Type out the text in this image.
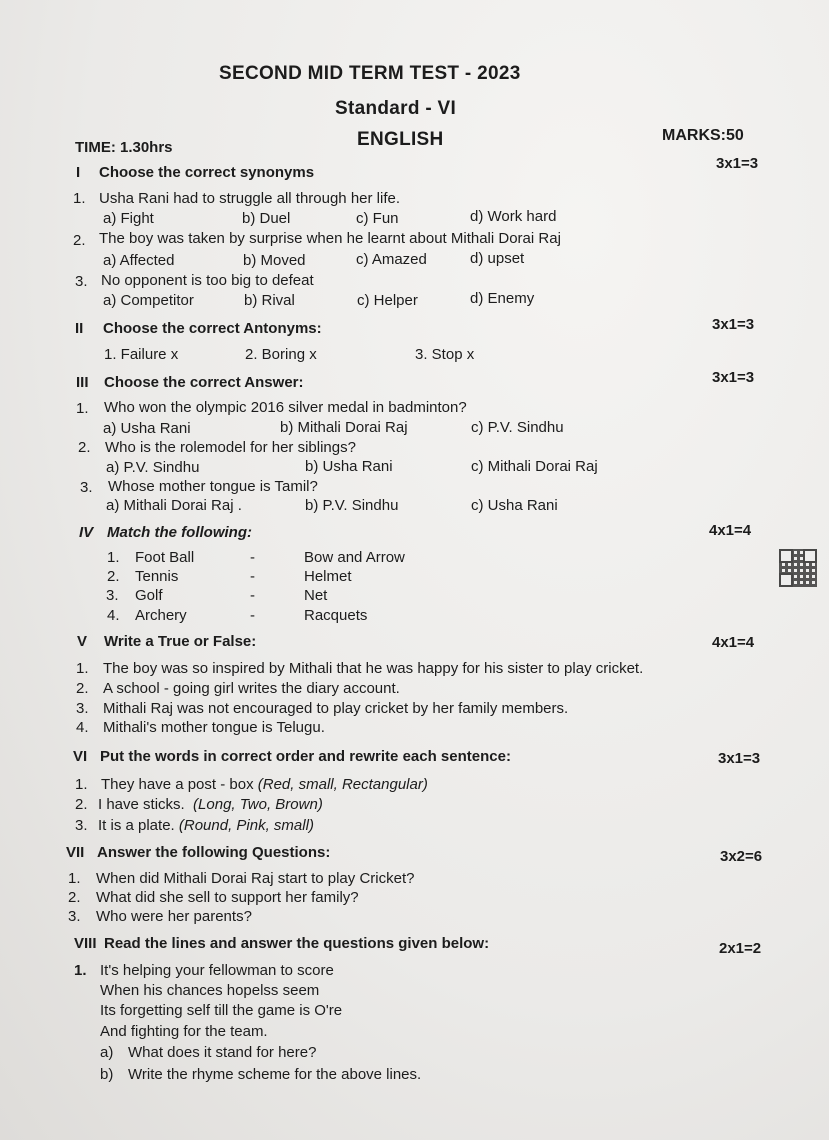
SECOND MID TERM TEST - 2023
Standard - VI
ENGLISH
TIME: 1.30hrs
MARKS:50
I Choose the correct synonyms
3x1=3
1. Usha Rani had to struggle all through her life.
a) Fight	b) Duel	c) Fun	d) Work hard
2. The boy was taken by surprise when he learnt about Mithali Dorai Raj
a) Affected	b) Moved	c) Amazed	d) upset
3. No opponent is too big to defeat
a) Competitor	b) Rival	c) Helper	d) Enemy
II Choose the correct Antonyms:	3x1=3
1. Failure x	2. Boring x	3. Stop x
III Choose the correct Answer:	3x1=3
1. Who won the olympic 2016 silver medal in badminton?
a) Usha Rani	b) Mithali Dorai Raj	c) P.V. Sindhu
2. Who is the rolemodel for her siblings?
a) P.V. Sindhu	b) Usha Rani	c) Mithali Dorai Raj
3. Whose mother tongue is Tamil?
a) Mithali Dorai Raj .	b) P.V. Sindhu	c) Usha Rani
IV Match the following:	4x1=4
1. Foot Ball	-	Bow and Arrow
2. Tennis	-	Helmet
3. Golf	-	Net
4. Archery	-	Racquets
V Write a True or False:	4x1=4
1. The boy was so inspired by Mithali that he was happy for his sister to play cricket.
2. A school - going girl writes the diary account.
3. Mithali Raj was not encouraged to play cricket by her family members.
4. Mithali's mother tongue is Telugu.
VI Put the words in correct order and rewrite each sentence:	3x1=3
1. They have a post - box (Red, small, Rectangular)
2. I have sticks. (Long, Two, Brown)
3. It is a plate. (Round, Pink, small)
VII Answer the following Questions:	3x2=6
1. When did Mithali Dorai Raj start to play Cricket?
2. What did she sell to support her family?
3. Who were her parents?
VIII Read the lines and answer the questions given below:	2x1=2
1. It's helping your fellowman to score
When his chances hopelss seem
Its forgetting self till the game is O're
And fighting for the team.
a) What does it stand for here?
b) Write the rhyme scheme for the above lines.
